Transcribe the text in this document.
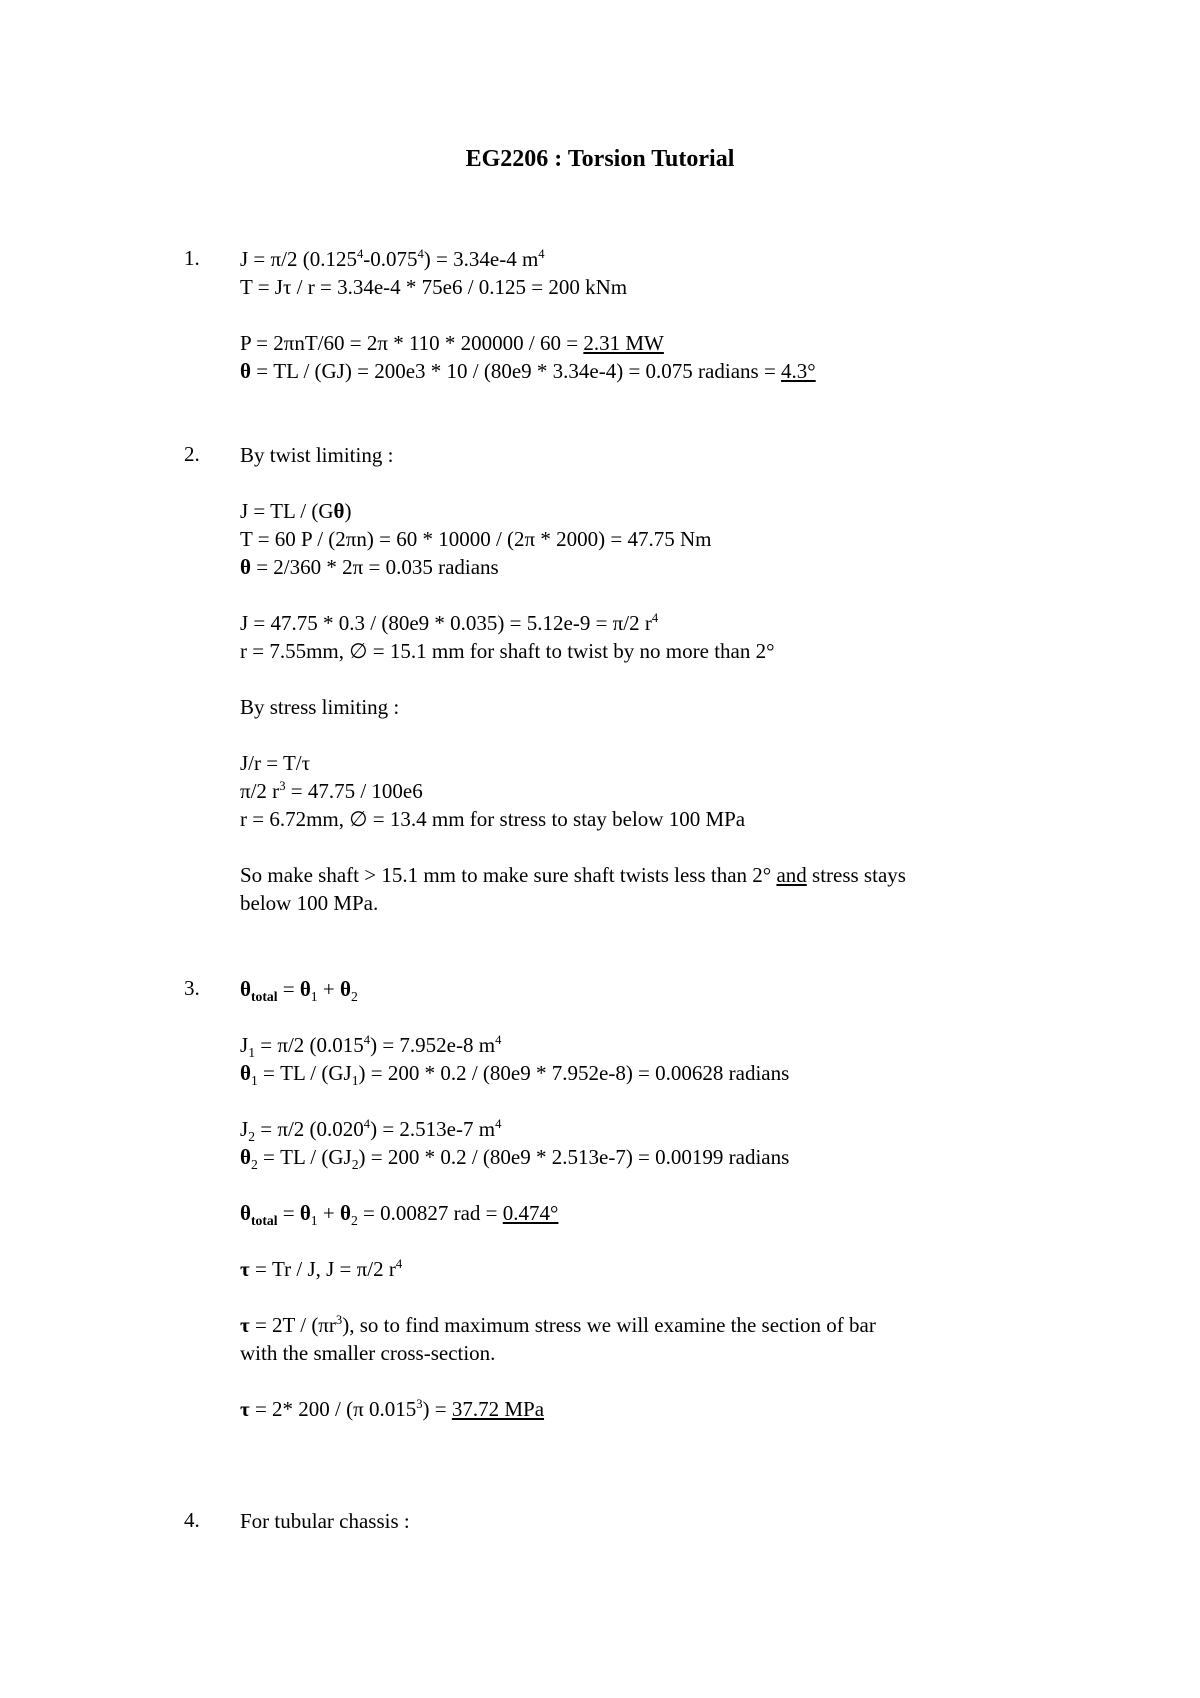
EG2206 : Torsion Tutorial
1. J = π/2 $(0.125^4-0.075^4) = 3.34e-4$ $m^4$
T = Jτ / r = 3.34e-4 * 75e6 / 0.125 = 200 kNm
P = 2πnT/60 = 2π * 110 * 200000 / 60 = 2.31 MW
θ = TL / (GJ) = 200e3 * 10 / (80e9 * 3.34e-4) = 0.075 radians = 4.3°
2. By twist limiting :
J = TL / (Gθ)
T = 60 P / (2πn) = 60 * 10000 / (2π * 2000) = 47.75 Nm
θ = 2/360 * 2π = 0.035 radians
J = 47.75 * 0.3 / (80e9 * 0.035) = 5.12e-9 = π/2 $r^4$
r = 7.55mm, ∅ = 15.1 mm for shaft to twist by no more than 2°
By stress limiting :
J/r = T/τ
π/2 $r^3 = 47.75 / 100e6$
r = 6.72mm, ∅ = 13.4 mm for stress to stay below 100 MPa
So make shaft > 15.1 mm to make sure shaft twists less than 2° and stress stays
below 100 MPa.
3. $\theta_{total} = \theta_1 + \theta_2$
$J_1 = \pi/2$ $(0.015^4) = 7.952e-8$ $m^4$
$\theta_1$ = TL / $(GJ_1) = 200 * 0.2 / (80e9 * 7.952e-8) = 0.00628$ radians
$J_2 = \pi/2$ $(0.020^4) = 2.513e-7$ $m^4$
$\theta_2$ = TL / $(GJ_2) = 200 * 0.2 / (80e9 * 2.513e-7) = 0.00199$ radians
$\theta_{total} = \theta_1 + \theta_2 = 0.00827$ rad = 0.474°
τ = Tr / J, J = π/2 $r^4$
$\tau = 2T / (\pi r^3)$, so to find maximum stress we will examine the section of bar
with the smaller cross-section.
τ = 2* 200 / (π $0.015^3) = 37.72$ MPa
4. For tubular chassis :
